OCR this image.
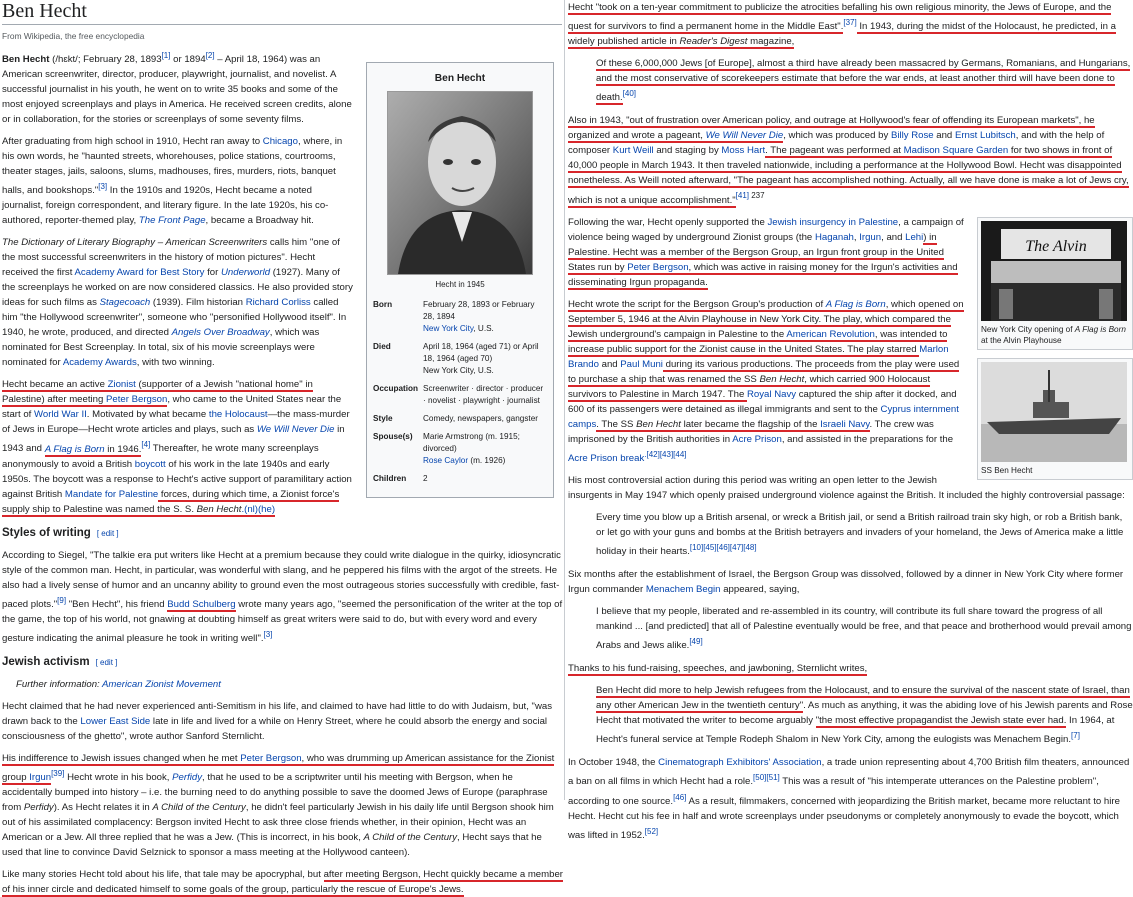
Ben Hecht
From Wikipedia, the free encyclopedia
Ben Hecht
Hecht in 1945
Born	February 28, 1893 or February 28, 1894
New York City, U.S.
Died	April 18, 1964 (aged 71) or April 18, 1964 (aged 70)
New York City, U.S.
Occupation Screenwriter · director · producer · novelist · playwright · journalist
Style	Comedy, newspapers, gangster
Spouse(s)	Marie Armstrong (m. 1915; divorced)
Rose Caylor (m. 1926)
Children	2

Ben Hecht (/hɛkt/; February 28, 1893[1] or 1894[2] – April 18, 1964) was an American screenwriter, director, producer, playwright, journalist, and novelist. A successful journalist in his youth, he went on to write 35 books and some of the most enjoyed screenplays and plays in America. He received screen credits, alone or in collaboration, for the stories or screenplays of some seventy films.

After graduating from high school in 1910, Hecht ran away to Chicago, where, in his own words, he "haunted streets, whorehouses, police stations, courtrooms, theater stages, jails, saloons, slums, madhouses, fires, murders, riots, banquet halls, and bookshops."[3] In the 1910s and 1920s, Hecht became a noted journalist, foreign correspondent, and literary figure. In the late 1920s, his co-authored, reporter-themed play, The Front Page, became a Broadway hit.

The Dictionary of Literary Biography – American Screenwriters calls him "one of the most successful screenwriters in the history of motion pictures". Hecht received the first Academy Award for Best Story for Underworld (1927). Many of the screenplays he worked on are now considered classics. He also provided story ideas for such films as Stagecoach (1939). Film historian Richard Corliss called him "the Hollywood screenwriter", someone who "personified Hollywood itself". In 1940, he wrote, produced, and directed Angels Over Broadway, which was nominated for Best Screenplay. In total, six of his movie screenplays were nominated for Academy Awards, with two winning.

Hecht became an active Zionist (supporter of a Jewish "national home" in Palestine) after meeting Peter Bergson, who came to the United States near the start of World War II. Motivated by what became the Holocaust—the mass-murder of Jews in Europe—Hecht wrote articles and plays, such as We Will Never Die in 1943 and A Flag is Born in 1946.[4] Thereafter, he wrote many screenplays anonymously to avoid a British boycott of his work in the late 1940s and early 1950s. The boycott was a response to Hecht's active support of paramilitary action against British Mandate for Palestine forces, during which time, a Zionist force's supply ship to Palestine was named the S. S. Ben Hecht.(nl)(he)

Styles of writing [ edit ]

According to Siegel, "The talkie era put writers like Hecht at a premium because they could write dialogue in the quirky, idiosyncratic style of the common man. Hecht, in particular, was wonderful with slang, and he peppered his films with the argot of the streets. He also had a lively sense of humor and an uncanny ability to ground even the most outrageous stories successfully with credible, fast-paced plots."[9] "Ben Hecht", his friend Budd Schulberg wrote many years ago, "seemed the personification of the writer at the top of the game, the top of his world, not gnawing at doubting himself as great writers were said to do, but with every word and every gesture indicating the animal pleasure he took in writing well".[3]

Jewish activism [ edit ]
Further information: American Zionist Movement

Hecht claimed that he had never experienced anti-Semitism in his life, and claimed to have had little to do with Judaism, but, "was drawn back to the Lower East Side late in life and lived for a while on Henry Street, where he could absorb the energy and social consciousness of the ghetto", wrote author Sanford Sternlicht.

His indifference to Jewish issues changed when he met Peter Bergson, who was drumming up American assistance for the Zionist group Irgun[39] Hecht wrote in his book, Perfidy, that he used to be a scriptwriter until his meeting with Bergson, when he accidentally bumped into history – i.e. the burning need to do anything possible to save the doomed Jews of Europe (paraphrase from Perfidy). As Hecht relates it in A Child of the Century, he didn't feel particularly Jewish in his daily life until Bergson shook him out of his assimilated complacency: Bergson invited Hecht to ask three close friends whether, in their opinion, Hecht was an American or a Jew. All three replied that he was a Jew. (This is incorrect, in his book, A Child of the Century, Hecht says that he used that line to convince David Selznick to sponsor a mass meeting at the Hollywood canteen).

Like many stories Hecht told about his life, that tale may be apocryphal, but after meeting Bergson, Hecht quickly became a member of his inner circle and dedicated himself to some goals of the group, particularly the rescue of Europe's Jews.

Hecht "took on a ten-year commitment to publicize the atrocities befalling his own religious minority, the Jews of Europe, and the quest for survivors to find a permanent home in the Middle East".[37] In 1943, during the midst of the Holocaust, he predicted, in a widely published article in Reader's Digest magazine,

Of these 6,000,000 Jews [of Europe], almost a third have already been massacred by Germans, Romanians, and Hungarians, and the most conservative of scorekeepers estimate that before the war ends, at least another third will have been done to death.[40]

Also in 1943, "out of frustration over American policy, and outrage at Hollywood's fear of offending its European markets", he organized and wrote a pageant, We Will Never Die, which was produced by Billy Rose and Ernst Lubitsch, and with the help of composer Kurt Weill and staging by Moss Hart. The pageant was performed at Madison Square Garden for two shows in front of 40,000 people in March 1943. It then traveled nationwide, including a performance at the Hollywood Bowl. Hecht was disappointed nonetheless. As Weill noted afterward, "The pageant has accomplished nothing. Actually, all we have done is make a lot of Jews cry, which is not a unique accomplishment."[41] $^{237}$

The Alvin
New York City opening of A Flag is Born at the Alvin Playhouse

Following the war, Hecht openly supported the Jewish insurgency in Palestine, a campaign of violence being waged by underground Zionist groups (the Haganah, Irgun, and Lehi) in Palestine. Hecht was a member of the Bergson Group, an Irgun front group in the United States run by Peter Bergson, which was active in raising money for the Irgun's activities and disseminating Irgun propaganda.

SS Ben Hecht

Hecht wrote the script for the Bergson Group's production of A Flag is Born, which opened on September 5, 1946 at the Alvin Playhouse in New York City. The play, which compared the Jewish underground's campaign in Palestine to the American Revolution, was intended to increase public support for the Zionist cause in the United States. The play starred Marlon Brando and Paul Muni during its various productions. The proceeds from the play were used to purchase a ship that was renamed the SS Ben Hecht, which carried 900 Holocaust survivors to Palestine in March 1947. The Royal Navy captured the ship after it docked, and 600 of its passengers were detained as illegal immigrants and sent to the Cyprus internment camps. The SS Ben Hecht later became the flagship of the Israeli Navy. The crew was imprisoned by the British authorities in Acre Prison, and assisted in the preparations for the Acre Prison break$^{.[42][43][44]}$

His most controversial action during this period was writing an open letter to the Jewish insurgents in May 1947 which openly praised underground violence against the British. It included the highly controversial passage:

Every time you blow up a British arsenal, or wreck a British jail, or send a British railroad train sky high, or rob a British bank, or let go with your guns and bombs at the British betrayers and invaders of your homeland, the Jews of America make a little holiday in their hearts.[10][45][46][47][48]

Six months after the establishment of Israel, the Bergson Group was dissolved, followed by a dinner in New York City where former Irgun commander Menachem Begin appeared, saying,

I believe that my people, liberated and re-assembled in its country, will contribute its full share toward the progress of all mankind ... [and predicted] that all of Palestine eventually would be free, and that peace and brotherhood would prevail among Arabs and Jews alike.[49]

Thanks to his fund-raising, speeches, and jawboning, Sternlicht writes,

Ben Hecht did more to help Jewish refugees from the Holocaust, and to ensure the survival of the nascent state of Israel, than any other American Jew in the twentieth century". As much as anything, it was the abiding love of his Jewish parents and Rose Hecht that motivated the writer to become arguably "the most effective propagandist the Jewish state ever had. In 1964, at Hecht's funeral service at Temple Rodeph Shalom in New York City, among the eulogists was Menachem Begin.[7]

In October 1948, the Cinematograph Exhibitors' Association, a trade union representing about 4,700 British film theaters, announced a ban on all films in which Hecht had a role.[50][51] This was a result of "his intemperate utterances on the Palestine problem", according to one source.[46] As a result, filmmakers, concerned with jeopardizing the British market, became more reluctant to hire Hecht. Hecht cut his fee in half and wrote screenplays under pseudonyms or completely anonymously to evade the boycott, which was lifted in 1952.[52]
